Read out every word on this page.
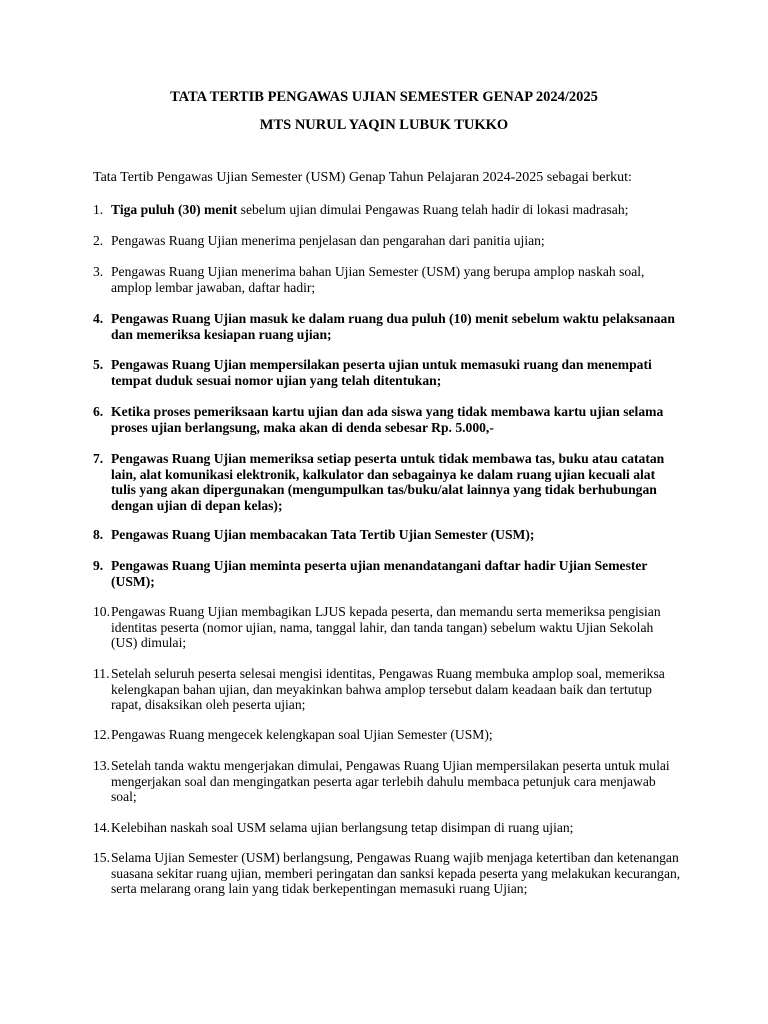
TATA TERTIB PENGAWAS UJIAN SEMESTER GENAP 2024/2025

MTS NURUL YAQIN LUBUK TUKKO

Tata Tertib Pengawas Ujian Semester (USM) Genap Tahun Pelajaran 2024-2025 sebagai berkut:

1. Tiga puluh (30) menit sebelum ujian dimulai Pengawas Ruang telah hadir di lokasi madrasah;
2. Pengawas Ruang Ujian menerima penjelasan dan pengarahan dari panitia ujian;
3. Pengawas Ruang Ujian menerima bahan Ujian Semester (USM) yang berupa amplop naskah soal, amplop lembar jawaban, daftar hadir;
4. Pengawas Ruang Ujian masuk ke dalam ruang dua puluh (10) menit sebelum waktu pelaksanaan dan memeriksa kesiapan ruang ujian;
5. Pengawas Ruang Ujian mempersilakan peserta ujian untuk memasuki ruang dan menempati tempat duduk sesuai nomor ujian yang telah ditentukan;
6. Ketika proses pemeriksaan kartu ujian dan ada siswa yang tidak membawa kartu ujian selama proses ujian berlangsung, maka akan di denda sebesar Rp. 5.000,-
7. Pengawas Ruang Ujian memeriksa setiap peserta untuk tidak membawa tas, buku atau catatan lain, alat komunikasi elektronik, kalkulator dan sebagainya ke dalam ruang ujian kecuali alat tulis yang akan dipergunakan (mengumpulkan tas/buku/alat lainnya yang tidak berhubungan dengan ujian di depan kelas);
8. Pengawas Ruang Ujian membacakan Tata Tertib Ujian Semester (USM);
9. Pengawas Ruang Ujian meminta peserta ujian menandatangani daftar hadir Ujian Semester (USM);
10. Pengawas Ruang Ujian membagikan LJUS kepada peserta, dan memandu serta memeriksa pengisian identitas peserta (nomor ujian, nama, tanggal lahir, dan tanda tangan) sebelum waktu Ujian Sekolah (US) dimulai;
11. Setelah seluruh peserta selesai mengisi identitas, Pengawas Ruang membuka amplop soal, memeriksa kelengkapan bahan ujian, dan meyakinkan bahwa amplop tersebut dalam keadaan baik dan tertutup rapat, disaksikan oleh peserta ujian;
12. Pengawas Ruang mengecek kelengkapan soal Ujian Semester (USM);
13. Setelah tanda waktu mengerjakan dimulai, Pengawas Ruang Ujian mempersilakan peserta untuk mulai mengerjakan soal dan mengingatkan peserta agar terlebih dahulu membaca petunjuk cara menjawab soal;
14. Kelebihan naskah soal USM selama ujian berlangsung tetap disimpan di ruang ujian;
15. Selama Ujian Semester (USM) berlangsung, Pengawas Ruang wajib menjaga ketertiban dan ketenangan suasana sekitar ruang ujian, memberi peringatan dan sanksi kepada peserta yang melakukan kecurangan, serta melarang orang lain yang tidak berkepentingan memasuki ruang Ujian;
